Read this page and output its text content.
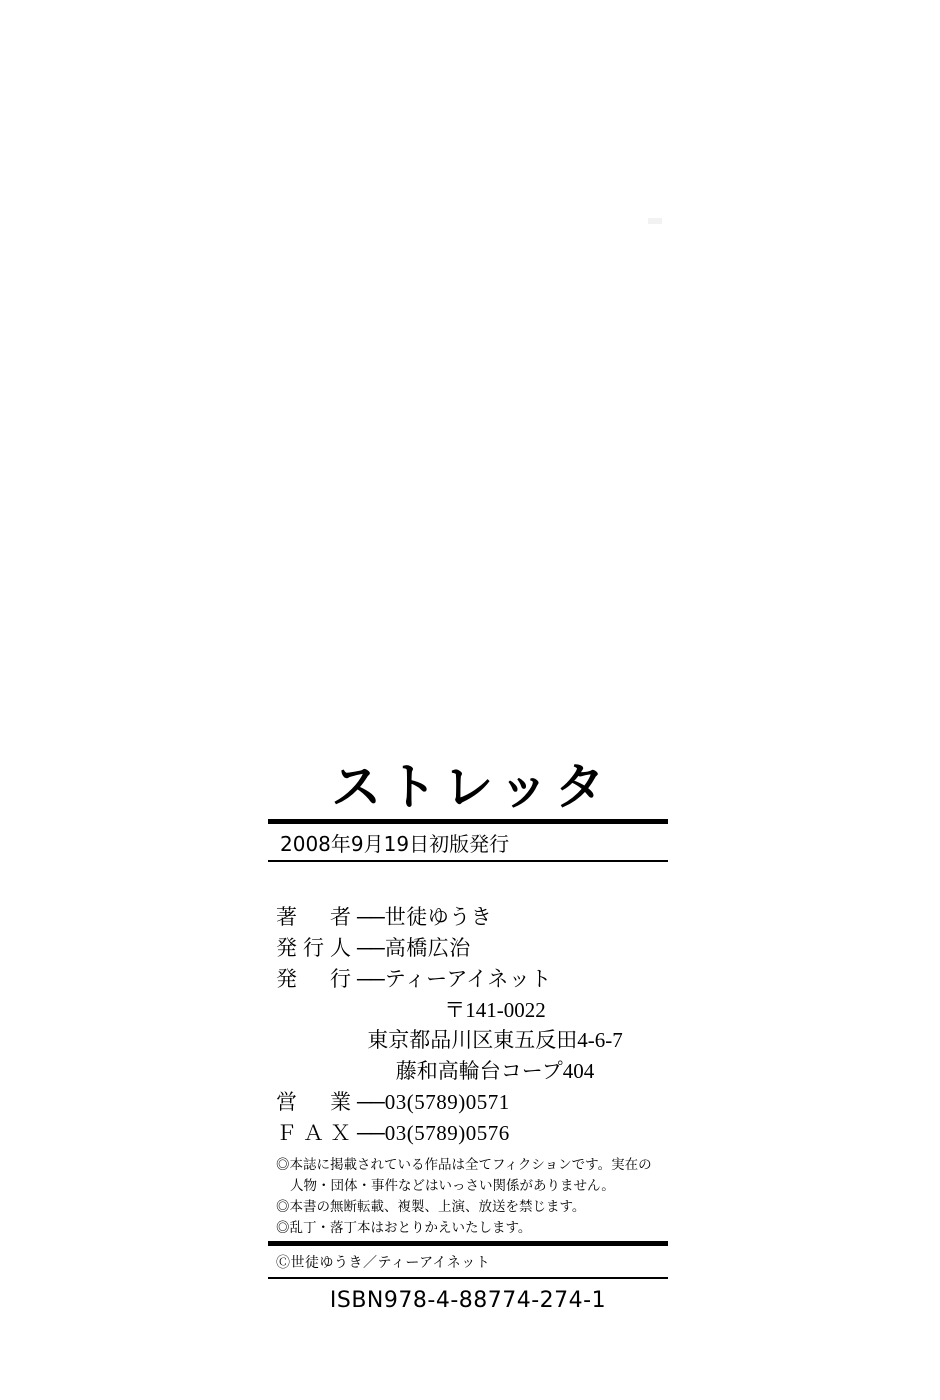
ストレッタ
2008年9月19日初版発行
著　者 ── 世徒ゆうき
発行人 ── 高橋広治
発　行 ── ティーアイネット
〒141-0022
東京都品川区東五反田4-6-7
藤和高輪台コープ404
営　業 ── 03(5789)0571
ＦＡＸ ── 03(5789)0576
◎本誌に掲載されている作品は全てフィクションです。実在の
人物・団体・事件などはいっさい関係がありません。
◎本書の無断転載、複製、上演、放送を禁じます。
◎乱丁・落丁本はおとりかえいたします。
Ⓒ世徒ゆうき／ティーアイネット
ISBN978-4-88774-274-1
